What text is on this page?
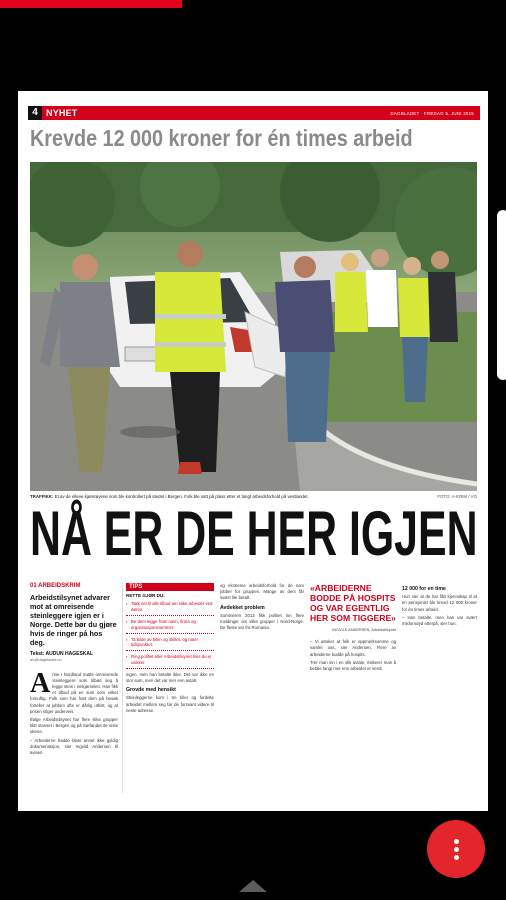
4 NYHET	DAGBLADET · FREDAG 5. JUNI 2015
Krevde 12 000 kroner for én times arbeid
TRAFFIKK: Et av de elleve kjøretøyene som ble kontrollert på stedet i Bergen. Folk ble satt på plass etter et langt arbeidsforhold på vestlandet.	FOTO: A-KRIM / VG
NÅ ER DE HER IGJEN
01 ARBEIDSKRIM
Arbeidstilsynet advarer mot at omreisende steinleggere igjen er i Norge. Dette bør du gjøre hvis de ringer på hos deg.
Tekst: AUDUN HAGESKAL
ah@dagbladet.no

Anne i Nordland møtte omreisende steinleggere som tilbød seg å legge stein i innkjørselen. Han fikk et tilbud på en sum som virket fornuftig. Folk som har hatt dem på besøk forteller at jobben ofte er dårlig utført, og at prisen stiger underveis.

Ifølge Arbeidstilsynet har flere slike grupper blitt stanset i Bergen og på Sørlandet de siste ukene.

– Arbeiderne hadde blant annet ikke gyldig dokumentasjon, sier Ingvild Andersen til avisen.

TIPS
RETTE GJØR DU:
▪ Takk nei til alle tilbud om slike arbeider ved døren.
▪ Be dem legge fram navn, firma og organisasjonsnummer.
▪ Ta bilde av bilen og skiltet, og noter tidspunktet.
▪ Ring politiet eller Arbeidstilsynet hvis du er usikker.

ingen, men han betalte ikke. Det var ikke en stor sum, men det var mer enn avtalt.

Grovde med hensikt

Steinleggerne kom i tre biler og fordelte arbeidet mellom seg før de forsvant videre til neste adresse.

og ekstreme arbeidsforhold for de som jobber for gruppen. Mange av dem får svært lite betalt.

Avdekket problem

Sommeren 2013 fikk politiet inn flere meldinger om slike grupper i Nord-Norge. De fleste var fra Romania.

«ARBEIDERNE BODDE PÅ HOSPITS OG VAR EGENTLIG HER SOM TIGGERE»
INGVILD ANDERSEN, Arbeidstilsynet

– Vi ønsker at folk er oppmerksomme og varsler oss, sier Andersen. Flere av arbeiderne bodde på hospits.

Trer man inn i en slik avtale, risikerer man å betale langt mer enn arbeidet er verdt.

12 000 for en time

Hun sier at de har fått kjennskap til at en pensjonist ble krevd 12 000 kroner for én times arbeid.

– Han betalte, men han var svært misfornøyd etterpå, sier hun.
